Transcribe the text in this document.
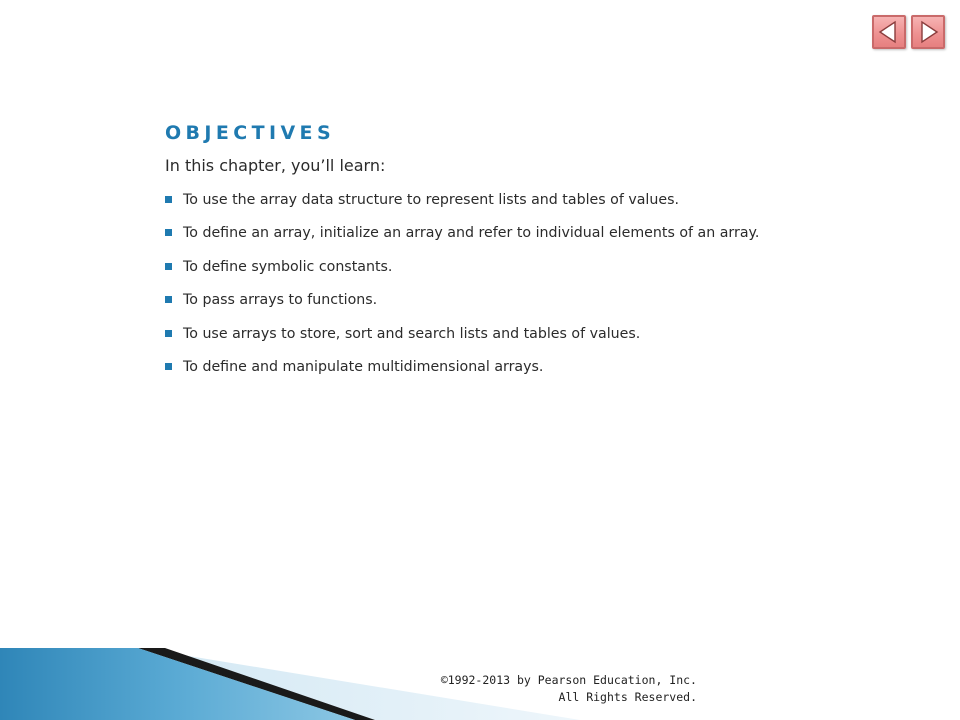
OBJECTIVES

In this chapter, you’ll learn:

To use the array data structure to represent lists and tables of values.
To define an array, initialize an array and refer to individual elements of an array.
To define symbolic constants.
To pass arrays to functions.
To use arrays to store, sort and search lists and tables of values.
To define and manipulate multidimensional arrays.
©1992-2013 by Pearson Education, Inc.
All Rights Reserved.
